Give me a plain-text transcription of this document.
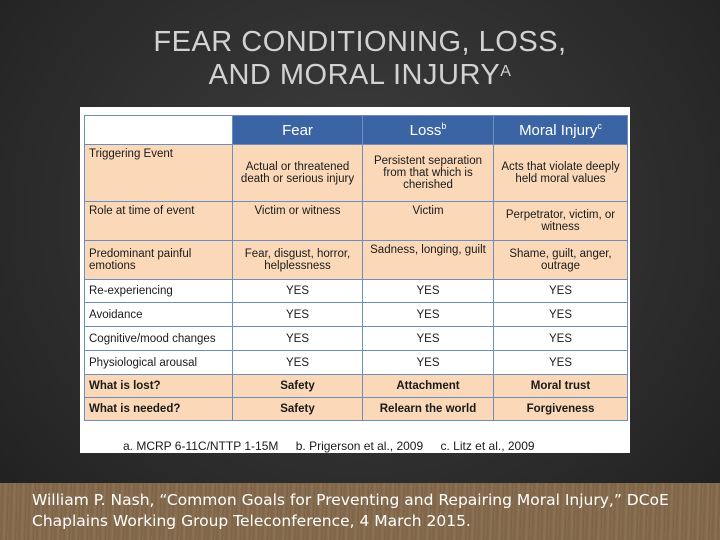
FEAR CONDITIONING, LOSS,
AND MORAL $INJURY^A$
	Fear	Loss$^b$	Moral Injury$^c$
Triggering Event	Actual or threatened death or serious injury	Persistent separation from that which is cherished	Acts that violate deeply held moral values
Role at time of event	Victim or witness	Victim	Perpetrator, victim, or witness
Predominant painful emotions	Fear, disgust, horror, helplessness	Sadness, longing, guilt	Shame, guilt, anger, outrage
Re-experiencing	YES	YES	YES
Avoidance	YES	YES	YES
Cognitive/mood changes	YES	YES	YES
Physiological arousal	YES	YES	YES
What is lost?	Safety	Attachment	Moral trust
What is needed?	Safety	Relearn the world	Forgiveness
a. MCRP 6-11C/NTTP 1-15M b. Prigerson et al., 2009 c. Litz et al., 2009
William P. Nash, “Common Goals for Preventing and Repairing Moral Injury,” DCoE
Chaplains Working Group Teleconference, 4 March 2015.
